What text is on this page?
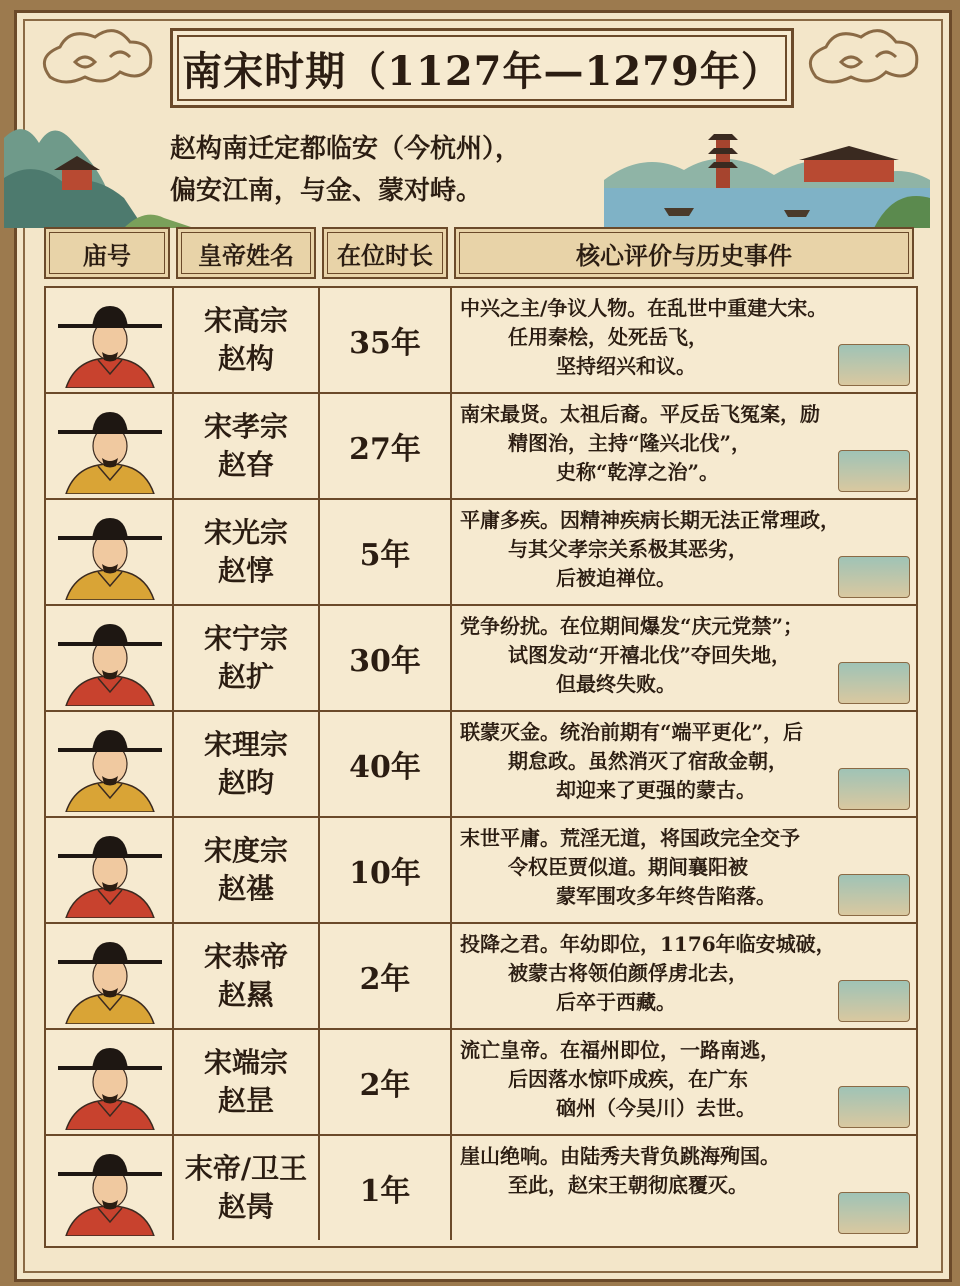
南宋时期（1127年—1279年）
赵构南迁定都临安（今杭州），
偏安江南，与金、蒙对峙。
庙号	皇帝姓名	在位时长	核心评价与历史事件
宋高宗
赵构	35年
中兴之主/争议人物。在乱世中重建大宋。
任用秦桧，处死岳飞，
坚持绍兴和议。
宋孝宗
赵昚	27年
南宋最贤。太祖后裔。平反岳飞冤案，励
精图治，主持“隆兴北伐”，
史称“乾淳之治”。
宋光宗
赵惇	5年
平庸多疾。因精神疾病长期无法正常理政，
与其父孝宗关系极其恶劣，
后被迫禅位。
宋宁宗
赵扩	30年
党争纷扰。在位期间爆发“庆元党禁”；
试图发动“开禧北伐”夺回失地，
但最终失败。
宋理宗
赵昀	40年
联蒙灭金。统治前期有“端平更化”，后
期怠政。虽然消灭了宿敌金朝，
却迎来了更强的蒙古。
宋度宗
赵禥	10年
末世平庸。荒淫无道，将国政完全交予
令权臣贾似道。期间襄阳被
蒙军围攻多年终告陷落。
宋恭帝
赵㬎	2年
投降之君。年幼即位，1176年临安城破，
被蒙古将领伯颜俘虏北去，
后卒于西藏。
宋端宗
赵昰	2年
流亡皇帝。在福州即位，一路南逃，
后因落水惊吓成疾，在广东
硇州（今吴川）去世。
末帝/卫王
赵昺	1年
崖山绝响。由陆秀夫背负跳海殉国。
至此，赵宋王朝彻底覆灭。
